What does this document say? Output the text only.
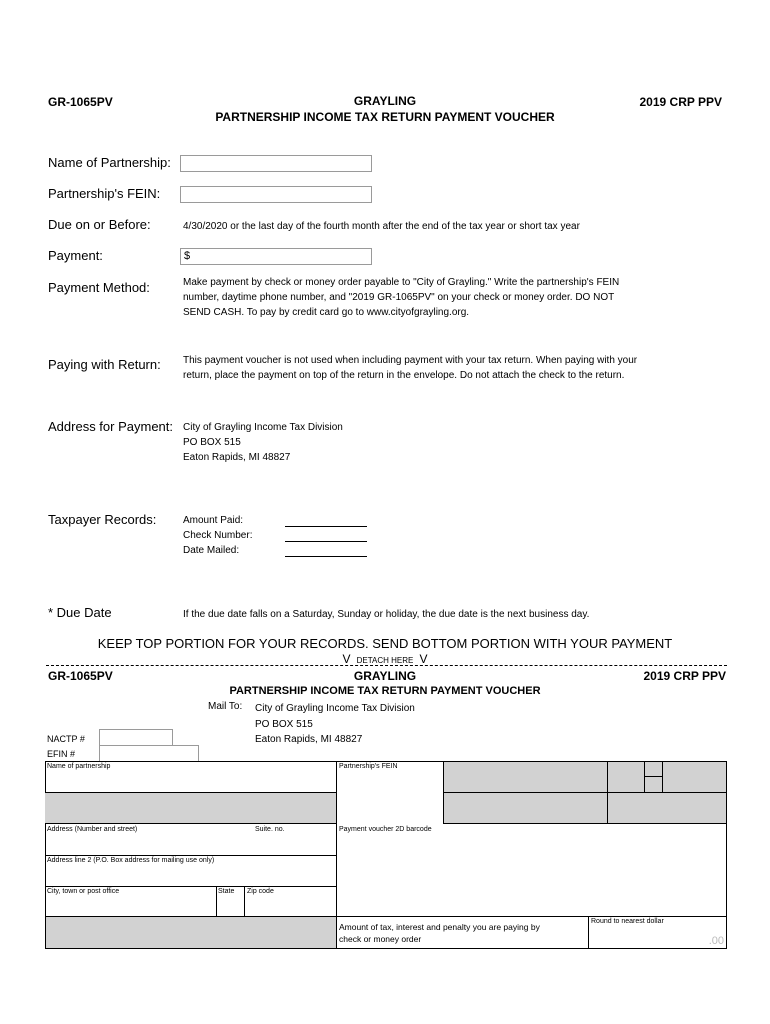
GR-1065PV	GRAYLING
PARTNERSHIP INCOME TAX RETURN PAYMENT VOUCHER
2019 CRP PPV
Name of Partnership:
Partnership's FEIN:
Due on or Before:	4/30/2020 or the last day of the fourth month after the end of the tax year or short tax year
Payment:	$
Payment Method:	Make payment by check or money order payable to "City of Grayling." Write the partnership's FEIN
number, daytime phone number, and "2019 GR-1065PV" on your check or money order. DO NOT
SEND CASH. To pay by credit card go to www.cityofgrayling.org.
Paying with Return: This payment voucher is not used when including payment with your tax return. When paying with your
return, place the payment on top of the return in the envelope. Do not attach the check to the return.
Address for Payment: City of Grayling Income Tax Division
PO BOX 515
Eaton Rapids, MI 48827
Taxpayer Records:	Amount Paid:
Check Number:
Date Mailed:
* Due Date	If the due date falls on a Saturday, Sunday or holiday, the due date is the next business day.
KEEP TOP PORTION FOR YOUR RECORDS. SEND BOTTOM PORTION WITH YOUR PAYMENT
V DETACH HERE V
GR-1065PV	GRAYLING	2019 CRP PPV
PARTNERSHIP INCOME TAX RETURN PAYMENT VOUCHER
Mail To: City of Grayling Income Tax Division
PO BOX 515
Eaton Rapids, MI 48827
NACTP #
EFIN #
Name of partnership
Address (Number and street)	Suite. no.
Address line 2 (P.O. Box address for mailing use only)
City, town or post office	State Zip code
Partnership's FEIN
Payment voucher 2D barcode
Amount of tax, interest and penalty you are paying by
check or money order
Round to nearest dollar
.00
